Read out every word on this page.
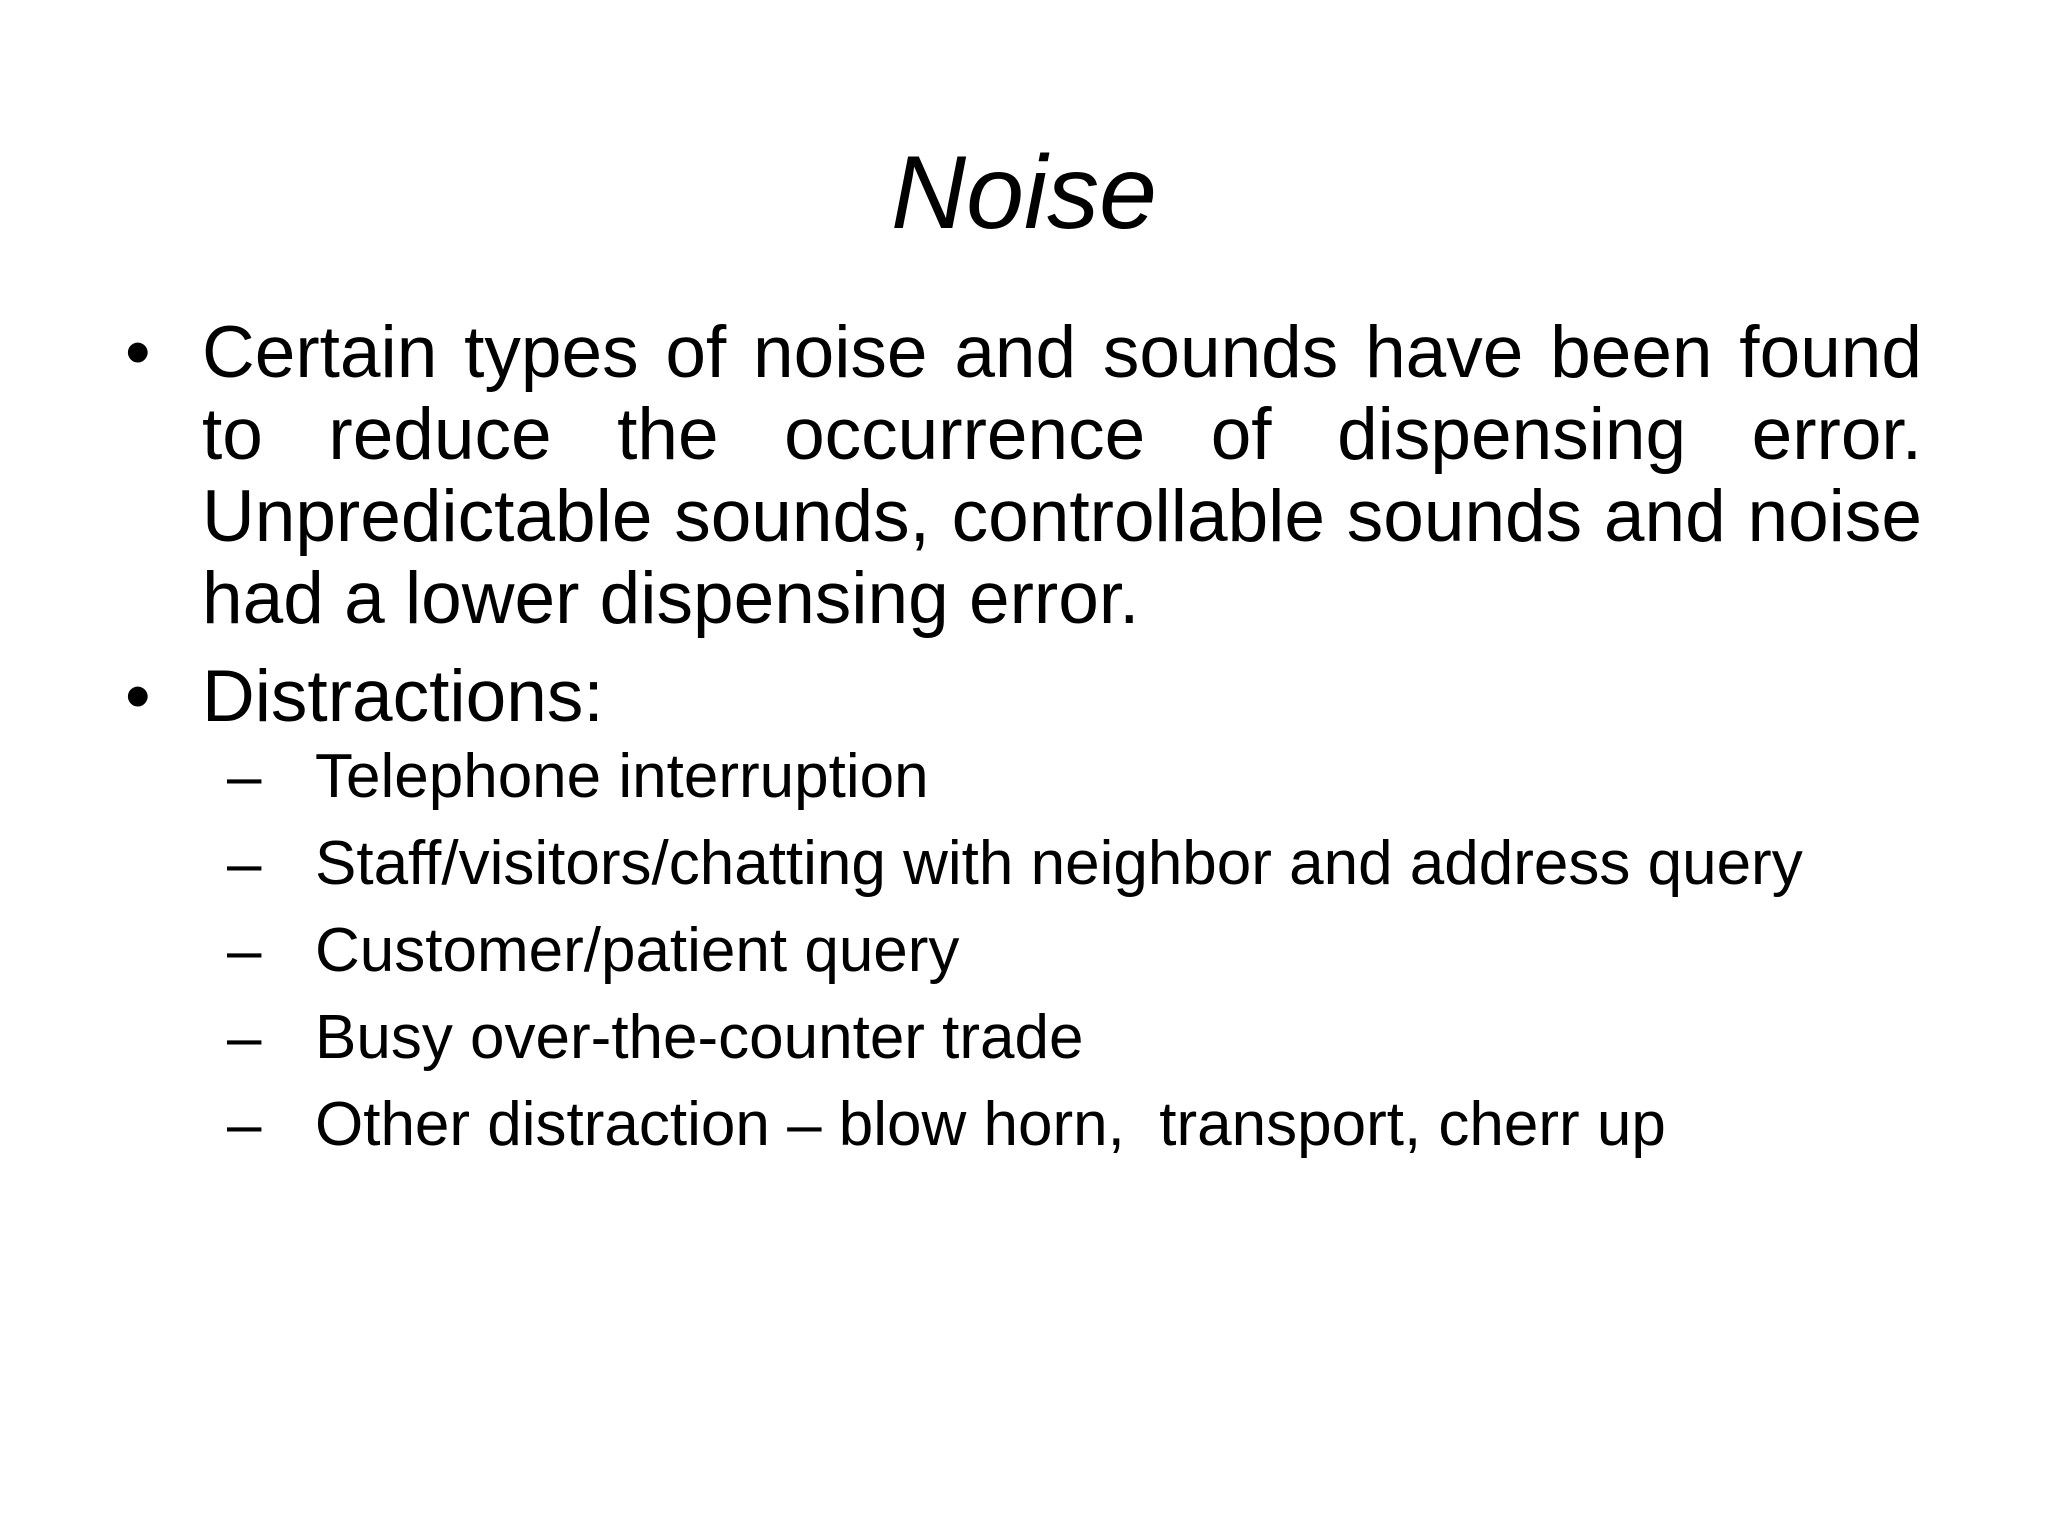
Noise
• Certain types of noise and sounds have been found to reduce the occurrence of dispensing error. Unpredictable sounds, controllable sounds and noise had a lower dispensing error.
• Distractions:
– Telephone interruption
– Staff/visitors/chatting with neighbor and address query
– Customer/patient query
– Busy over-the-counter trade
– Other distraction – blow horn,  transport, cherr up
